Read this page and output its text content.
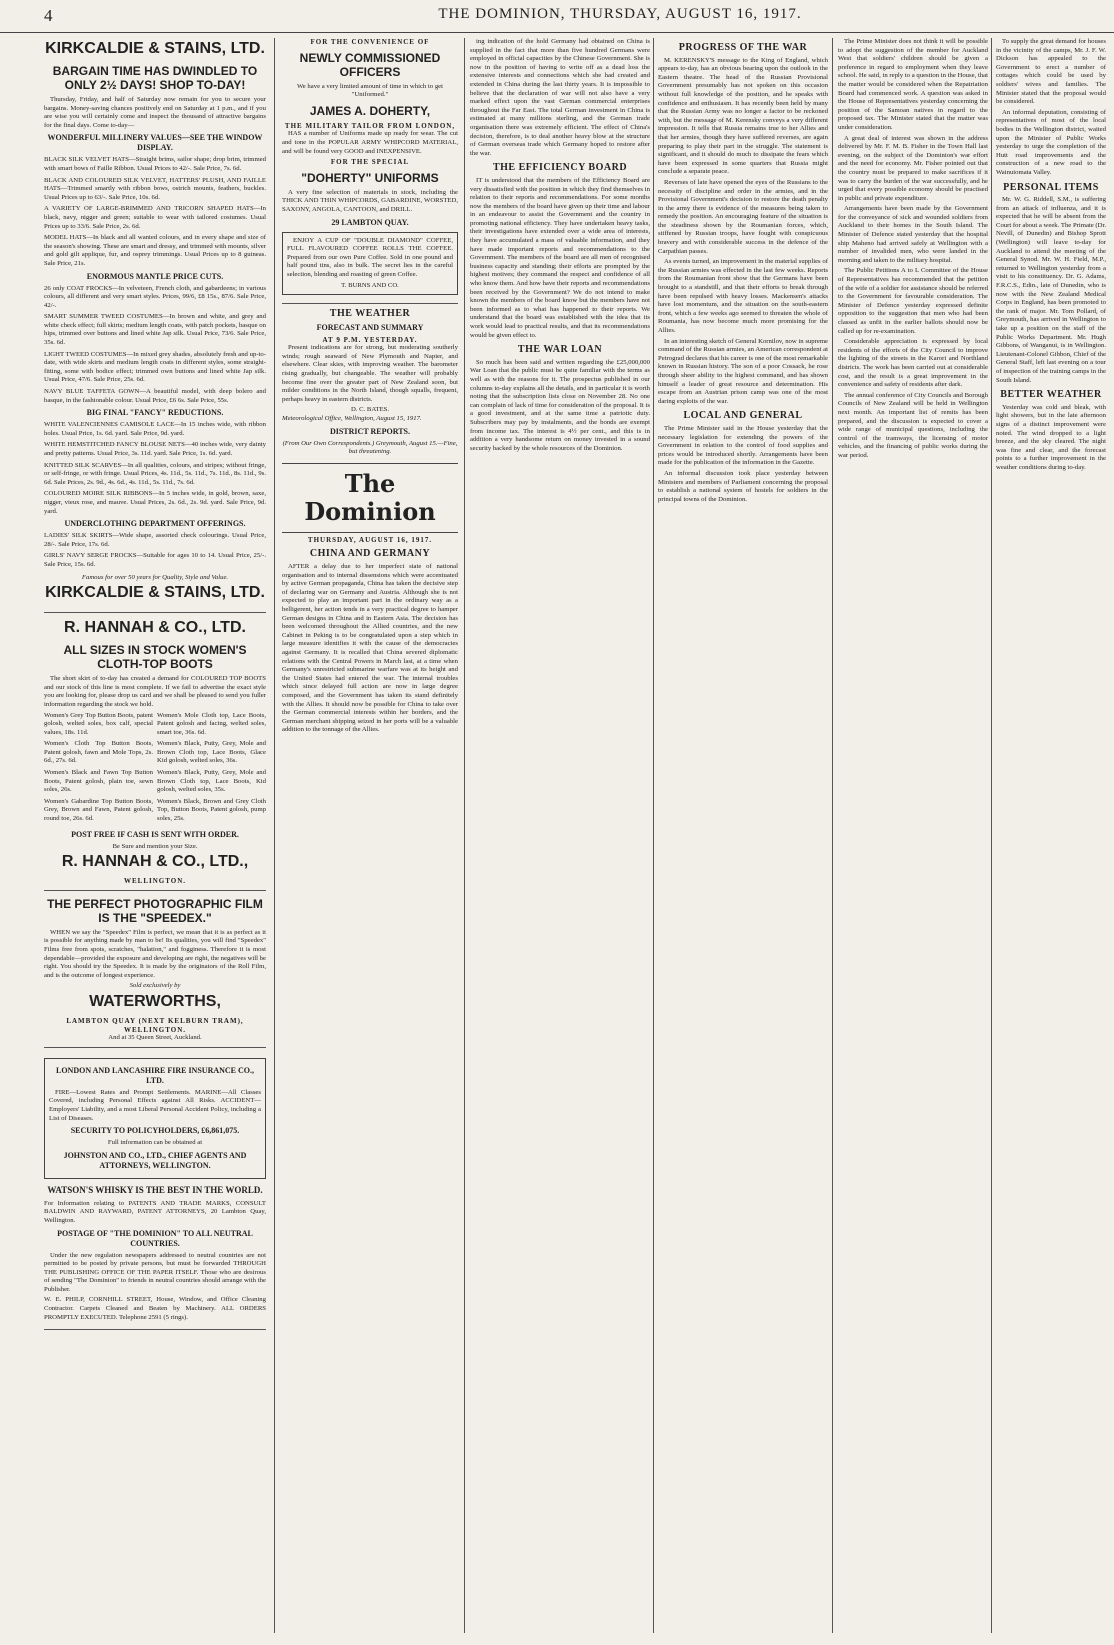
4	THE DOMINION, THURSDAY, AUGUST 16, 1917.
KIRKCALDIE & STAINS, LTD.
BARGAIN TIME HAS DWINDLED TO ONLY 2½ DAYS! SHOP TO-DAY!

Thursday, Friday, and half of Saturday now remain for you to secure your bargains. Money-saving chances positively end on Saturday at 1 p.m., and if you are wise you will certainly come and inspect the thousand of attractive bargains for the final days. Come to-day—

WONDERFUL MILLINERY VALUES—SEE THE WINDOW DISPLAY.
BLACK SILK VELVET HATS—Straight brims, sailor shape; drop brim, trimmed with smart bows of Faille Ribbon. Usual Prices to 42/-. Sale Price, 7s. 6d.
BLACK AND COLOURED SILK VELVET, HATTERS' PLUSH, AND FAILLE HATS—Trimmed smartly with ribbon bows, ostrich mounts, feathers, buckles. Usual Prices up to 63/-. Sale Price, 10s. 6d.
A VARIETY OF LARGE-BRIMMED AND TRICORN SHAPED HATS—In black, navy, nigger and green; suitable to wear with tailored costumes. Usual Prices up to 33/6. Sale Price, 2s. 6d.
MODEL HATS—In black and all wanted colours, and in every shape and size of the season's showing. These are smart and dressy, and trimmed with mounts, silver and gold gilt applique, fur, and osprey trimmings. Usual Prices up to 8 guineas. Sale Price, 21s.
ENORMOUS MANTLE PRICE CUTS.
26 only COAT FROCKS—In velveteen, French cloth, and gabardeens; in various colours, all different and very smart styles. Prices, 99/6, £8 15s., 87/6. Sale Price, 42/-.
SMART SUMMER TWEED COSTUMES—In brown and white, and grey and white check effect; full skirts; medium length coats, with patch pockets, basque on hips, trimmed over buttons and lined white Jap silk. Usual Price, 73/6. Sale Price, 35s. 6d.
LIGHT TWEED COSTUMES—In mixed grey shades, absolutely fresh and up-to-date, with wide skirts and medium length coats in different styles, some straight-fitting, some with bodice effect; trimmed own buttons and lined white Jap silk. Usual Price, 47/6. Sale Price, 25s. 6d.
NAVY BLUE TAFFETA GOWN—A beautiful model, with deep bolero and basque, in the fashionable colour. Usual Price, £6 6s. Sale Price, 55s.
BIG FINAL "FANCY" REDUCTIONS.
WHITE VALENCIENNES CAMISOLE LACE—In 15 inches wide, with ribbon holes. Usual Price, 1s. 6d. yard. Sale Price, 9d. yard.
WHITE HEMSTITCHED FANCY BLOUSE NETS—40 inches wide, very dainty and pretty patterns. Usual Price, 3s. 11d. yard. Sale Price, 1s. 6d. yard.
KNITTED SILK SCARVES—In all qualities, colours, and stripes; without fringe, or self-fringe, or with fringe. Usual Prices, 4s. 11d., 5s. 11d., 7s. 11d., 8s. 11d., 9s. 6d. Sale Prices, 2s. 9d., 4s. 6d., 4s. 11d., 5s. 11d., 7s. 6d.
COLOURED MOIRE SILK RIBBONS—In 5 inches wide, in gold, brown, saxe, nigger, vieux rose, and mauve. Usual Prices, 2s. 6d., 2s. 9d. yard. Sale Price, 9d. yard.
UNDERCLOTHING DEPARTMENT OFFERINGS.
LADIES' SILK SKIRTS—Wide shape, assorted check colourings. Usual Price, 28/-. Sale Price, 17s. 6d.
GIRLS' NAVY SERGE FROCKS—Suitable for ages 10 to 14. Usual Price, 25/-. Sale Price, 15s. 6d.
Famous for over 50 years for Quality, Style and Value.
KIRKCALDIE & STAINS, LTD.
R. HANNAH & CO., LTD.
ALL SIZES IN STOCK WOMEN'S CLOTH-TOP BOOTS

The short skirt of to-day has created a demand for COLOURED TOP BOOTS and our stock of this line is most complete. If we fail to advertise the exact style you are looking for, please drop us card and we shall be pleased to send you fuller information regarding the stock we hold.

Women's Grey Top Button Boots, patent golosh, welted soles, box calf, special values, 18s. 11d.
Women's Cloth Top Button Boots, Patent golosh, fawn and Mole Tops, 2s. 6d., 27s. 6d.
Women's Black and Fawn Top Button Boots, Patent golosh, plain toe, sewn soles, 26s.
Women's Gabardine Top Button Boots, Grey, Brown and Fawn, Patent golosh, round toe, 26s. 6d.
Women's Mole Cloth top, Lace Boots, Patent golosh and facing, welted soles, smart toe, 36s. 6d.
Women's Black, Putty, Grey, Mole and Brown Cloth top, Lace Boots, Glace Kid golosh, welted soles, 36s.
Women's Black, Putty, Grey, Mole and Brown Cloth top, Lace Boots, Kid golosh, welted soles, 35s.
Women's Black, Brown and Grey Cloth Top, Button Boots, Patent golosh, pump soles, 25s.
POST FREE IF CASH IS SENT WITH ORDER.
Be Sure and mention your Size.
R. HANNAH & CO., LTD.,
WELLINGTON.
THE PERFECT PHOTOGRAPHIC FILM IS THE "SPEEDEX."

WHEN we say the "Speedex" Film is perfect, we mean that it is as perfect as it is possible for anything made by man to be! Its qualities, you will find "Speedex" Films free from spots, scratches, "halation," and fogginess. Therefore it is most dependable—provided the exposure and developing are right, the negatives will be right. You should try the Speedex. It is made by the originators of the Roll Film, and is the outcome of longest experience.

Sold exclusively by
WATERWORTHS,
LAMBTON QUAY (NEXT KELBURN TRAM), WELLINGTON.
And at 35 Queen Street, Auckland.
LONDON AND LANCASHIRE FIRE INSURANCE CO., LTD.

FIRE—Lowest Rates and Prompt Settlements. MARINE—All Classes Covered, including Personal Effects against All Risks. ACCIDENT—Employers' Liability, and a most Liberal Personal Accident Policy, including a List of Diseases.

SECURITY TO POLICYHOLDERS, £6,861,075.
Full information can be obtained at
JOHNSTON AND CO., LTD., CHIEF AGENTS AND ATTORNEYS, WELLINGTON.
WATSON'S WHISKY IS THE BEST IN THE WORLD.
For Information relating to PATENTS AND TRADE MARKS, CONSULT BALDWIN AND RAYWARD, PATENT ATTORNEYS, 20 Lambton Quay, Wellington.
POSTAGE OF "THE DOMINION" TO ALL NEUTRAL COUNTRIES.

Under the new regulation newspapers addressed to neutral countries are not permitted to be posted by private persons, but must be forwarded THROUGH THE PUBLISHING OFFICE OF THE PAPER ITSELF. Those who are desirous of sending "The Dominion" to friends in neutral countries should arrange with the Publisher.

W. E. PHILP, CORNHILL STREET, House, Window, and Office Cleaning Contractor. Carpets Cleaned and Beaten by Machinery. ALL ORDERS PROMPTLY EXECUTED. Telephone 2591 (5 rings).
FOR THE CONVENIENCE OF
NEWLY COMMISSIONED OFFICERS
We have a very limited amount of time in which to get "Uniformed."
JAMES A. DOHERTY,
THE MILITARY TAILOR FROM LONDON,

HAS a number of Uniforms made up ready for wear. The cut and tone in the POPULAR ARMY WHIPCORD MATERIAL, and will be found very GOOD and INEXPENSIVE.

FOR THE SPECIAL
"DOHERTY" UNIFORMS

A very fine selection of materials in stock, including the THICK AND THIN WHIPCORDS, GABARDINE, WORSTED, SAXONY, ANGOLA, CANTOON, and DRILL.

29 LAMBTON QUAY.

ENJOY A CUP OF "DOUBLE DIAMOND" COFFEE, FULL FLAVOURED COFFEE ROLLS THE COFFEE. Prepared from our own Pure Coffee. Sold in one pound and half pound tins, also in bulk. The secret lies in the careful selection, blending and roasting of green Coffee.

T. BURNS AND CO.
THE WEATHER
FORECAST AND SUMMARY
AT 9 P.M. YESTERDAY.

Present indications are for strong, but moderating southerly winds; rough seaward of New Plymouth and Napier, and elsewhere. Clear skies, with improving weather. The barometer rising gradually, but changeable. The weather will probably become fine over the greater part of New Zealand soon, but milder conditions in the North Island, though squalls, frequent, perhaps heavy in eastern districts.

D. C. BATES.
Meteorological Office, Wellington, August 15, 1917.
DISTRICT REPORTS.
(From Our Own Correspondents.) Greymouth, August 15.—Fine, but threatening.
The Dominion
THURSDAY, AUGUST 16, 1917.
CHINA AND GERMANY

AFTER a delay due to her imperfect state of national organisation and to internal dissensions which were accentuated by active German propaganda, China has taken the decisive step of declaring war on Germany and Austria. Although she is not expected to play an important part in the ordinary way as a belligerent, her action tends in a very practical degree to hamper German designs in China and in Eastern Asia. The decision has been welcomed throughout the Allied countries, and the new Cabinet in Peking is to be congratulated upon a step which in large measure identifies it with the cause of the democracies against Germany. It is recalled that China severed diplomatic relations with the Central Powers in March last, at a time when Germany's unrestricted submarine warfare was at its height and the United States had entered the war. The internal troubles which since delayed full action are now in large degree composed, and the Government has taken its stand definitely with the Allies. It should now be possible for China to take over the German commercial interests within her borders, and the German merchant shipping seized in her ports will be a valuable addition to the tonnage of the Allies.

ing indication of the hold Germany had obtained on China is supplied in the fact that more than five hundred Germans were employed in official capacities by the Chinese Government. She is now in the position of having to write off as a dead loss the extensive interests and connections which she had created and extended in China during the last thirty years. It is impossible to believe that the declaration of war will not also have a very marked effect upon the vast German commercial enterprises throughout the Far East. The total German investment in China is estimated at many millions sterling, and the German trade organisation there was extremely efficient. The effect of China's decision, therefore, is to deal another heavy blow at the structure of German overseas trade which Germany hoped to restore after the war.

THE EFFICIENCY BOARD

IT is understood that the members of the Efficiency Board are very dissatisfied with the position in which they find themselves in relation to their reports and recommendations. For some months now the members of the board have given up their time and labour in an endeavour to assist the Government and the country in promoting national efficiency. They have undertaken heavy tasks, their investigations have extended over a wide area of interests, they have accumulated a mass of valuable information, and they have made important reports and recommendations to the Government. The members of the board are all men of recognised business capacity and standing; their efforts are prompted by the highest motives; they command the respect and confidence of all who know them. And how have their reports and recommendations been received by the Government? We do not intend to make known the members of the board know but the members have not been informed as to what has happened to their reports. We understand that the board was established with the idea that its work would lead to practical results, and that its recommendations would be given effect to.

THE WAR LOAN

So much has been said and written regarding the £25,000,000 War Loan that the public must be quite familiar with the terms as well as with the reasons for it. The prospectus published in our columns to-day explains all the details, and in particular it is worth noting that the subscription lists close on November 28. No one can complain of lack of time for consideration of the proposal. It is a good investment, and at the same time a patriotic duty. Subscribers may pay by instalments, and the bonds are exempt from income tax. The interest is 4½ per cent., and this is in addition a very handsome return on money invested in a sound security backed by the whole resources of the Dominion.

PROGRESS OF THE WAR

M. KERENSKY'S message to the King of England, which appears to-day, has an obvious bearing upon the outlook in the Eastern theatre. The head of the Russian Provisional Government presumably has not spoken on this occasion without full knowledge of the position, and he speaks with confidence and enthusiasm. It has recently been held by many that the Russian Army was no longer a factor to be reckoned with, but the message of M. Kerensky conveys a very different impression. It tells that Russia remains true to her Allies and that her armies, though they have suffered reverses, are again preparing to play their part in the struggle. The statement is significant, and it should do much to dissipate the fears which have been expressed in some quarters that Russia might conclude a separate peace.

Reverses of late have opened the eyes of the Russians to the necessity of discipline and order in the armies, and in the Provisional Government's decision to restore the death penalty in the army there is evidence of the measures being taken to remedy the position. An encouraging feature of the situation is the steadiness shown by the Roumanian forces, which, stiffened by Russian troops, have fought with conspicuous bravery and with considerable success in the defence of the Carpathian passes.

As events turned, an improvement in the material supplies of the Russian armies was effected in the last few weeks. Reports from the Roumanian front show that the Germans have been brought to a standstill, and that their efforts to break through have been repulsed with heavy losses. Mackensen's attacks have lost momentum, and the situation on the south-eastern front, which a few weeks ago seemed to threaten the whole of Roumania, has now become much more promising for the Allies.

In an interesting sketch of General Kornilov, now in supreme command of the Russian armies, an American correspondent at Petrograd declares that his career is one of the most remarkable known in Russian history. The son of a poor Cossack, he rose through sheer ability to the highest command, and has shown himself a leader of great resource and determination. His escape from an Austrian prison camp was one of the most daring exploits of the war.

LOCAL AND GENERAL

The Prime Minister said in the House yesterday that the necessary legislation for extending the powers of the Government in relation to the control of food supplies and prices would be introduced shortly. Arrangements have been made for the publication of the information in the Gazette.

An informal discussion took place yesterday between Ministers and members of Parliament concerning the proposal to establish a national system of hostels for soldiers in the principal towns of the Dominion.

The Prime Minister does not think it will be possible to adopt the suggestion of the member for Auckland West that soldiers' children should be given a preference in regard to employment when they leave school. He said, in reply to a question in the House, that the matter would be considered when the Repatriation Board had commenced work. A question was asked in the House of Representatives yesterday concerning the position of the Samoan natives in regard to the proposed tax. The Minister stated that the matter was under consideration.

A great deal of interest was shown in the address delivered by Mr. F. M. B. Fisher in the Town Hall last evening, on the subject of the Dominion's war effort and the need for economy. Mr. Fisher pointed out that the country must be prepared to make sacrifices if it was to carry the burden of the war successfully, and he urged that every possible economy should be practised in public and private expenditure.

Arrangements have been made by the Government for the conveyance of sick and wounded soldiers from Auckland to their homes in the South Island. The Minister of Defence stated yesterday that the hospital ship Maheno had arrived safely at Wellington with a number of invalided men, who were landed in the morning and taken to the military hospital.

The Public Petitions A to L Committee of the House of Representatives has recommended that the petition of the wife of a soldier for assistance should be referred to the Government for favourable consideration. The Minister of Defence yesterday expressed definite opposition to the suggestion that men who had been classed as unfit in the earlier ballots should now be called up for re-examination.

Considerable appreciation is expressed by local residents of the efforts of the City Council to improve the lighting of the streets in the Karori and Northland districts. The work has been carried out at considerable cost, and the result is a great improvement in the convenience and safety of residents after dark.

The annual conference of City Councils and Borough Councils of New Zealand will be held in Wellington next month. An important list of remits has been prepared, and the discussion is expected to cover a wide range of municipal questions, including the control of the tramways, the licensing of motor vehicles, and the financing of public works during the war period.

To supply the great demand for houses in the vicinity of the camps, Mr. J. F. W. Dickson has appealed to the Government to erect a number of cottages which could be used by soldiers' wives and families. The Minister stated that the proposal would be considered.

An informal deputation, consisting of representatives of most of the local bodies in the Wellington district, waited upon the Minister of Public Works yesterday to urge the completion of the Hutt road improvements and the construction of a new road to the Wainuiomata Valley.

PERSONAL ITEMS

Mr. W. G. Riddell, S.M., is suffering from an attack of influenza, and it is expected that he will be absent from the Court for about a week. The Primate (Dr. Nevill, of Dunedin) and Bishop Sprott (Wellington) will leave to-day for Auckland to attend the meeting of the General Synod. Mr. W. H. Field, M.P., returned to Wellington yesterday from a visit to his constituency. Dr. G. Adams, F.R.C.S., Edin., late of Dunedin, who is now with the New Zealand Medical Corps in England, has been promoted to the rank of major. Mr. Tom Pollard, of Greymouth, has arrived in Wellington to take up a position on the staff of the Public Works Department. Mr. Hugh Gibbons, of Wanganui, is in Wellington. Lieutenant-Colonel Gibbon, Chief of the General Staff, left last evening on a tour of inspection of the training camps in the South Island.

BETTER WEATHER

Yesterday was cold and bleak, with light showers, but in the late afternoon signs of a distinct improvement were noted. The wind dropped to a light breeze, and the sky cleared. The night was fine and clear, and the forecast points to a further improvement in the weather conditions during to-day.
